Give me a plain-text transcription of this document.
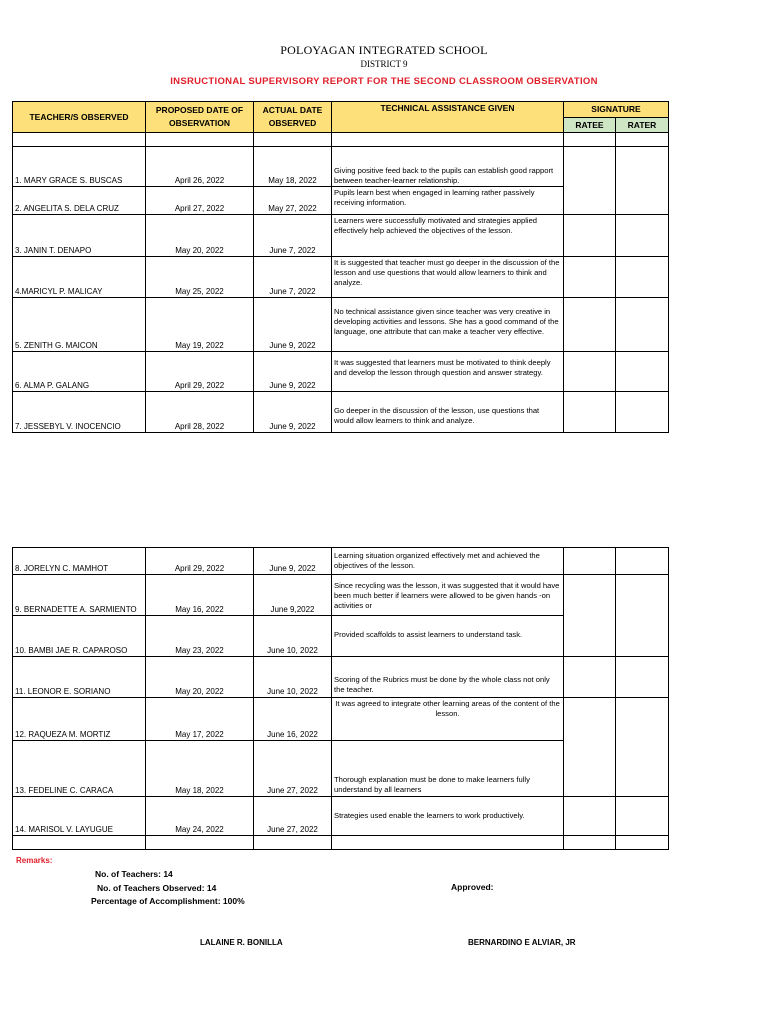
POLOYAGAN INTEGRATED SCHOOL
DISTRICT 9
INSRUCTIONAL SUPERVISORY REPORT FOR THE SECOND CLASSROOM OBSERVATION
TEACHER/S OBSERVED	PROPOSED DATE OF OBSERVATION	ACTUAL DATE OBSERVED	TECHNICAL ASSISTANCE GIVEN	SIGNATURE	
				RATEE	RATER

1. MARY GRACE S. BUSCAS	April 26, 2022	May 18, 2022	Giving positive feed back to the pupils can establish good rapport between teacher-learner relationship.		
2. ANGELITA S. DELA CRUZ	April 27, 2022	May 27, 2022	Pupils learn best when engaged in learning rather passively receiving information.		
3. JANIN T. DENAPO	May 20, 2022	June 7, 2022	Learners were successfully motivated and strategies applied effectively help achieved the objectives of the lesson.		
4.MARICYL P. MALICAY	May 25, 2022	June 7, 2022	It is suggested that teacher must go deeper in the discussion of the lesson and use questions that would allow learners to think and analyze.		
5. ZENITH G. MAICON	May 19, 2022	June 9, 2022	No technical assistance given since teacher was very creative in developing activities and lessons. She has a good command of the language, one attribute that can make a teacher very effective.		
6. ALMA P. GALANG	April 29, 2022	June 9, 2022	It was suggested that learners must be motivated to think deeply and develop the lesson through question and answer strategy.		
7. JESSEBYL V. INOCENCIO	April 28, 2022	June 9, 2022	Go deeper in the discussion of the lesson, use questions that would allow learners to think and analyze.		
8. JORELYN C. MAMHOT	April 29, 2022	June 9, 2022	Learning situation organized effectively met and achieved the objectives of the lesson.		
9. BERNADETTE A. SARMIENTO	May 16, 2022	June 9,2022	Since recycling was the lesson, it was suggested that it would have been much better if learners were allowed to be given hands -on activities or		
10. BAMBI JAE R. CAPAROSO	May 23, 2022	June 10, 2022	Provided scaffolds to assist learners to understand task.		
11. LEONOR E. SORIANO	May 20, 2022	June 10, 2022	Scoring of the Rubrics must be done by the whole class not only the teacher.		
12. RAQUEZA M. MORTIZ	May 17, 2022	June 16, 2022	It was agreed to integrate other learning areas of the content of the lesson.		
13. FEDELINE C. CARACA	May 18, 2022	June 27, 2022	Thorough explanation must be done to make learners fully understand by all learners		
14. MARISOL V. LAYUGUE	May 24, 2022	June 27, 2022	Strategies used enable the learners to work productively.		

Remarks:
No. of Teachers: 14
No. of Teachers Observed: 14
Percentage of Accomplishment: 100%
Approved:
LALAINE R. BONILLA	BERNARDINO E ALVIAR, JR
